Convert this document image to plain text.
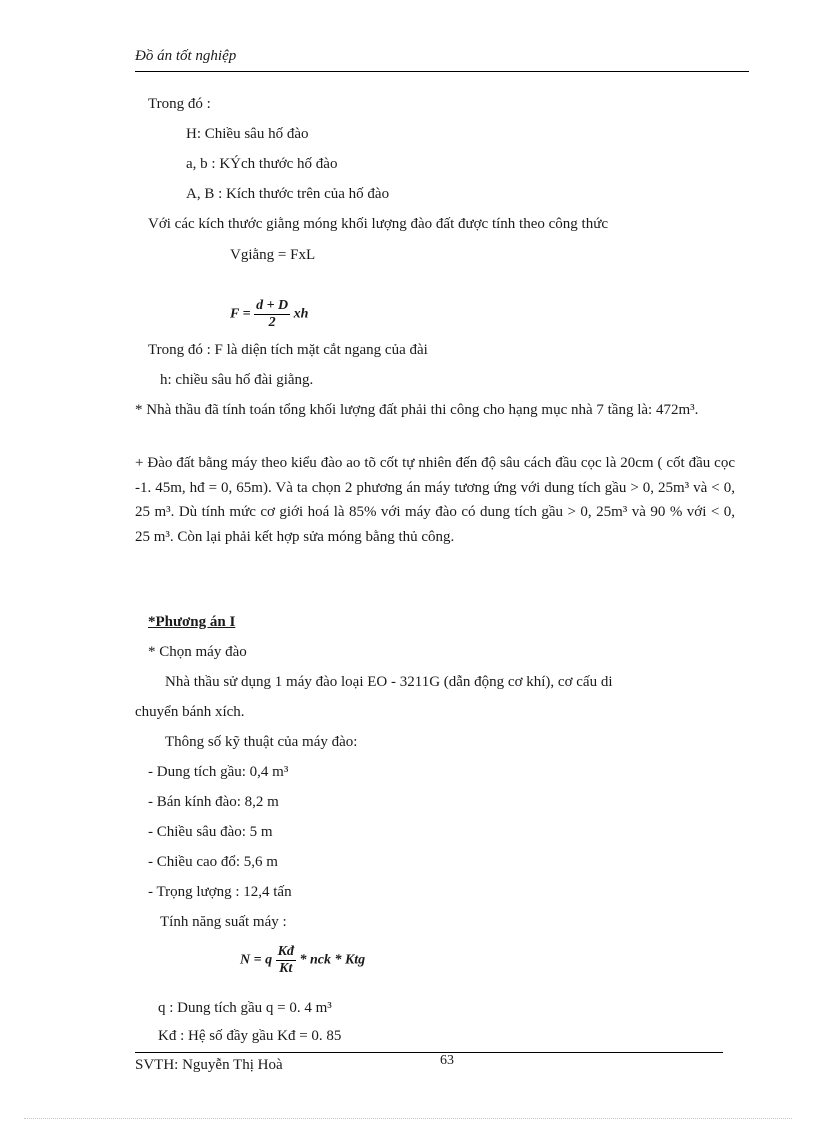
Đồ án tốt nghiệp
Trong đó :
H: Chiều sâu hố đào
a, b : KÝch thước hố đào
A, B : Kích thước trên của hố đào
Với các kích thước giằng móng khối lượng đào đất được tính theo công thức
Vgiằng = FxL
$F = \frac{d + D}{2}$ xh
Trong đó : F là diện tích mặt cắt ngang của đài
h: chiều sâu hố đài giằng.
* Nhà thầu đã tính toán tổng khối lượng đất phải thi công cho hạng mục nhà 7 tầng là: 472m³.
+ Đào đất bằng máy theo kiểu đào ao tõ cốt tự nhiên đến độ sâu cách đầu cọc là 20cm ( cốt đầu cọc -1. 45m, hđ = 0, 65m). Và ta chọn 2 phương án máy tương ứng với dung tích gầu > 0, 25m³ và < 0, 25 m³. Dù tính mức cơ giới hoá là 85% với máy đào có dung tích gầu > 0, 25m³ và 90 % với < 0, 25 m³. Còn lại phải kết hợp sửa móng bằng thủ công.
*Phương án I
* Chọn máy đào
Nhà thầu sử dụng 1 máy đào loại EO - 3211G (dẫn động cơ khí), cơ cấu di
chuyển bánh xích.
Thông số kỹ thuật của máy đào:
- Dung tích gầu: 0,4 m³
- Bán kính đào: 8,2 m
- Chiều sâu đào: 5 m
- Chiều cao đổ: 5,6 m
- Trọng lượng : 12,4 tấn
Tính năng suất máy :
N = q $\frac{Kđ}{Kt}$ * nck * Ktg
q : Dung tích gầu q = 0. 4 m³
Kđ : Hệ số đầy gầu Kđ = 0. 85
SVTH: Nguyễn Thị Hoà	63
